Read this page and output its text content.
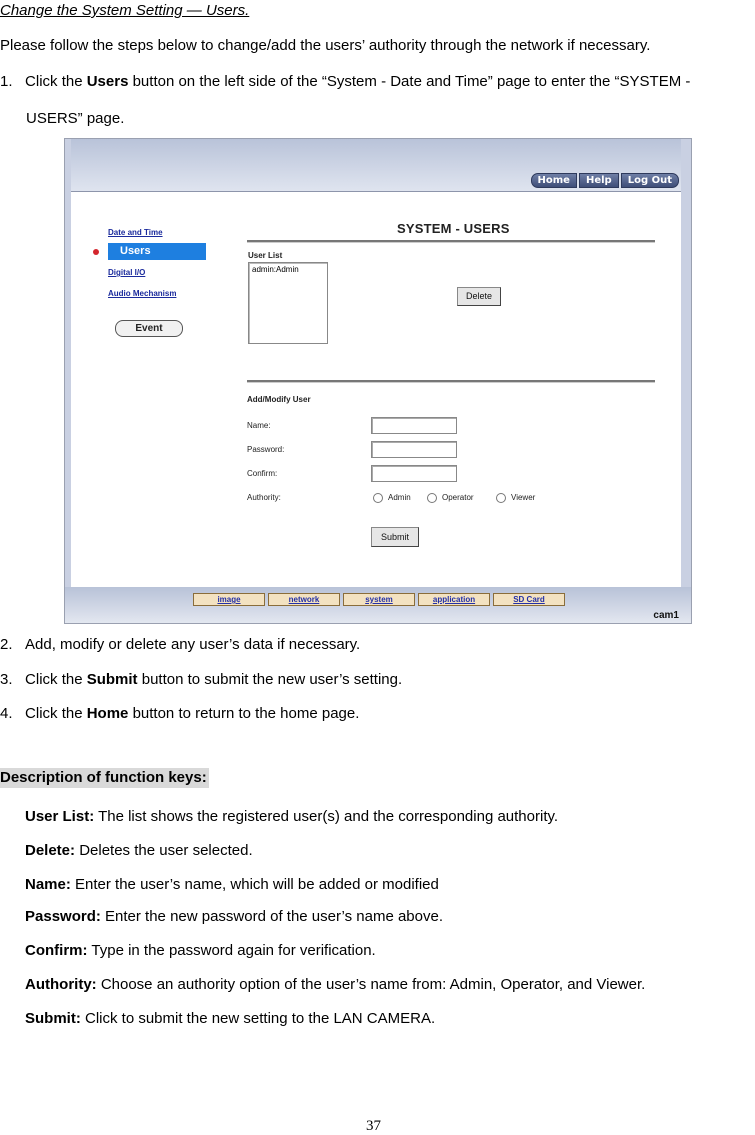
Change the System Setting — Users.
Please follow the steps below to change/add the users’ authority through the network if necessary.
1. Click the Users button on the left side of the “System - Date and Time” page to enter the “SYSTEM -
USERS” page.
Home	Help	Log Out
SYSTEM - USERS
Date and Time
Users
Digital I/O
Audio Mechanism
Event
User List
admin:Admin
Delete
Add/Modify User
Name:
Password:
Confirm:
Authority:	Admin	Operator	Viewer
Submit
image	network	system	application	SD Card
cam1
2. Add, modify or delete any user’s data if necessary.
3. Click the Submit button to submit the new user’s setting.
4. Click the Home button to return to the home page.
Description of function keys:
User List: The list shows the registered user(s) and the corresponding authority.
Delete: Deletes the user selected.
Name: Enter the user’s name, which will be added or modified
Password: Enter the new password of the user’s name above.
Confirm: Type in the password again for verification.
Authority: Choose an authority option of the user’s name from: Admin, Operator, and Viewer.
Submit: Click to submit the new setting to the LAN CAMERA.
37
